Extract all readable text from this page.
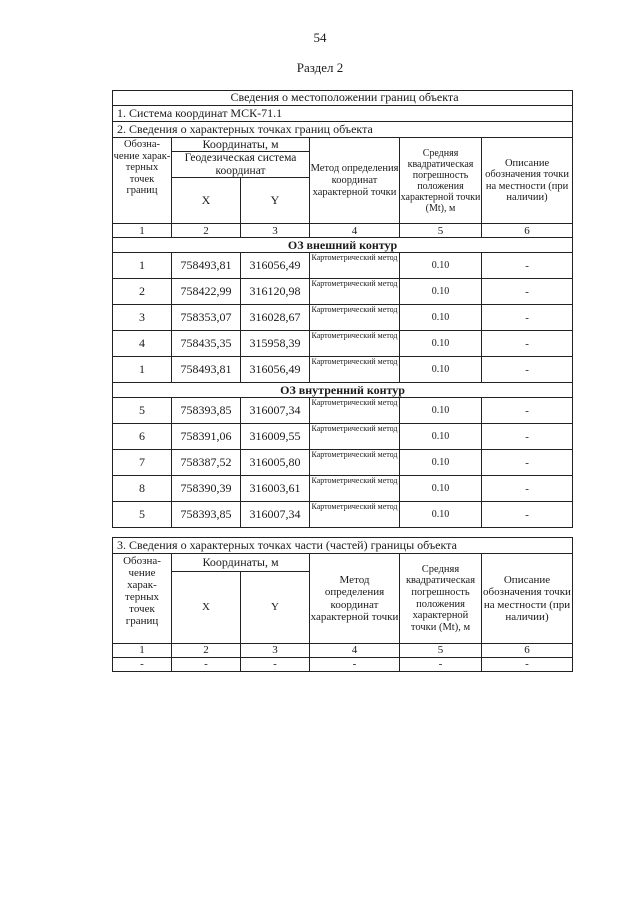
54
Раздел 2
Сведения о местоположении границ объекта					
1. Система координат МСК-71.1					
2. Сведения о характерных точках границ объекта					
Обозна-чение харак-терных точек границ	Координаты, м		Метод определения координат характерной точки	Средняя квадратическая погрешность положения характерной точки (Mt), м	Описание обозначения точки на местности (при наличии)
	Геодезическая система координат				
	X	Y			
1	2	3	4	5	6
ОЗ внешний контур					
1	758493,81	316056,49	Картометрический метод	0.10	-
2	758422,99	316120,98	Картометрический метод	0.10	-
3	758353,07	316028,67	Картометрический метод	0.10	-
4	758435,35	315958,39	Картометрический метод	0.10	-
1	758493,81	316056,49	Картометрический метод	0.10	-
ОЗ внутренний контур					
5	758393,85	316007,34	Картометрический метод	0.10	-
6	758391,06	316009,55	Картометрический метод	0.10	-
7	758387,52	316005,80	Картометрический метод	0.10	-
8	758390,39	316003,61	Картометрический метод	0.10	-
5	758393,85	316007,34	Картометрический метод	0.10	-
3. Сведения о характерных точках части (частей) границы объекта					
Обозна-чение харак-терных точек границ	Координаты, м		Метод определения координат характерной точки	Средняя квадратическая погрешность положения характерной точки (Mt), м	Описание обозначения точки на местности (при наличии)
	X	Y			
1	2	3	4	5	6
-	-	-	-	-	-
